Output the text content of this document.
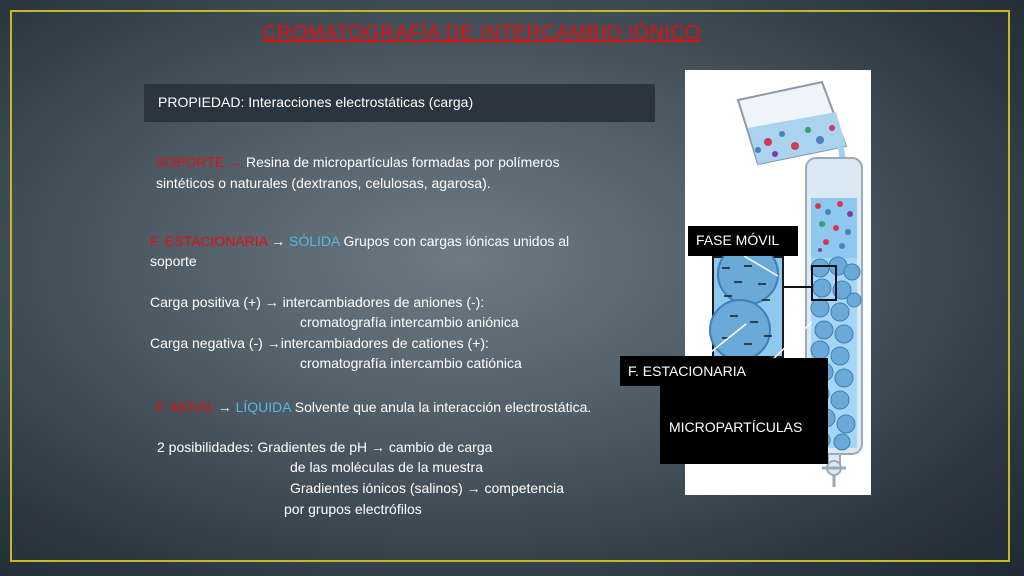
CROMATOGRAFÍA DE INTERCAMBIO IÓNICO
PROPIEDAD: Interacciones electrostáticas (carga)
SOPORTE → Resina de micropartículas formadas por polímeros
sintéticos o naturales (dextranos, celulosas, agarosa).
F. ESTACIONARIA → SÓLIDA Grupos con cargas iónicas unidos al
soporte
Carga positiva (+) → intercambiadores de aniones (-):
cromatografía intercambio aniónica
Carga negativa (-) →intercambiadores de cationes (+):
cromatografía intercambio catiónica
F. MÓVIL → LÍQUIDA Solvente que anula la interacción electrostática.
2 posibilidades: Gradientes de pH → cambio de carga
de las moléculas de la muestra
Gradientes iónicos (salinos) → competencia
por grupos electrófilos
FASE MÓVIL
MICROPARTÍCULAS
F. ESTACIONARIA
